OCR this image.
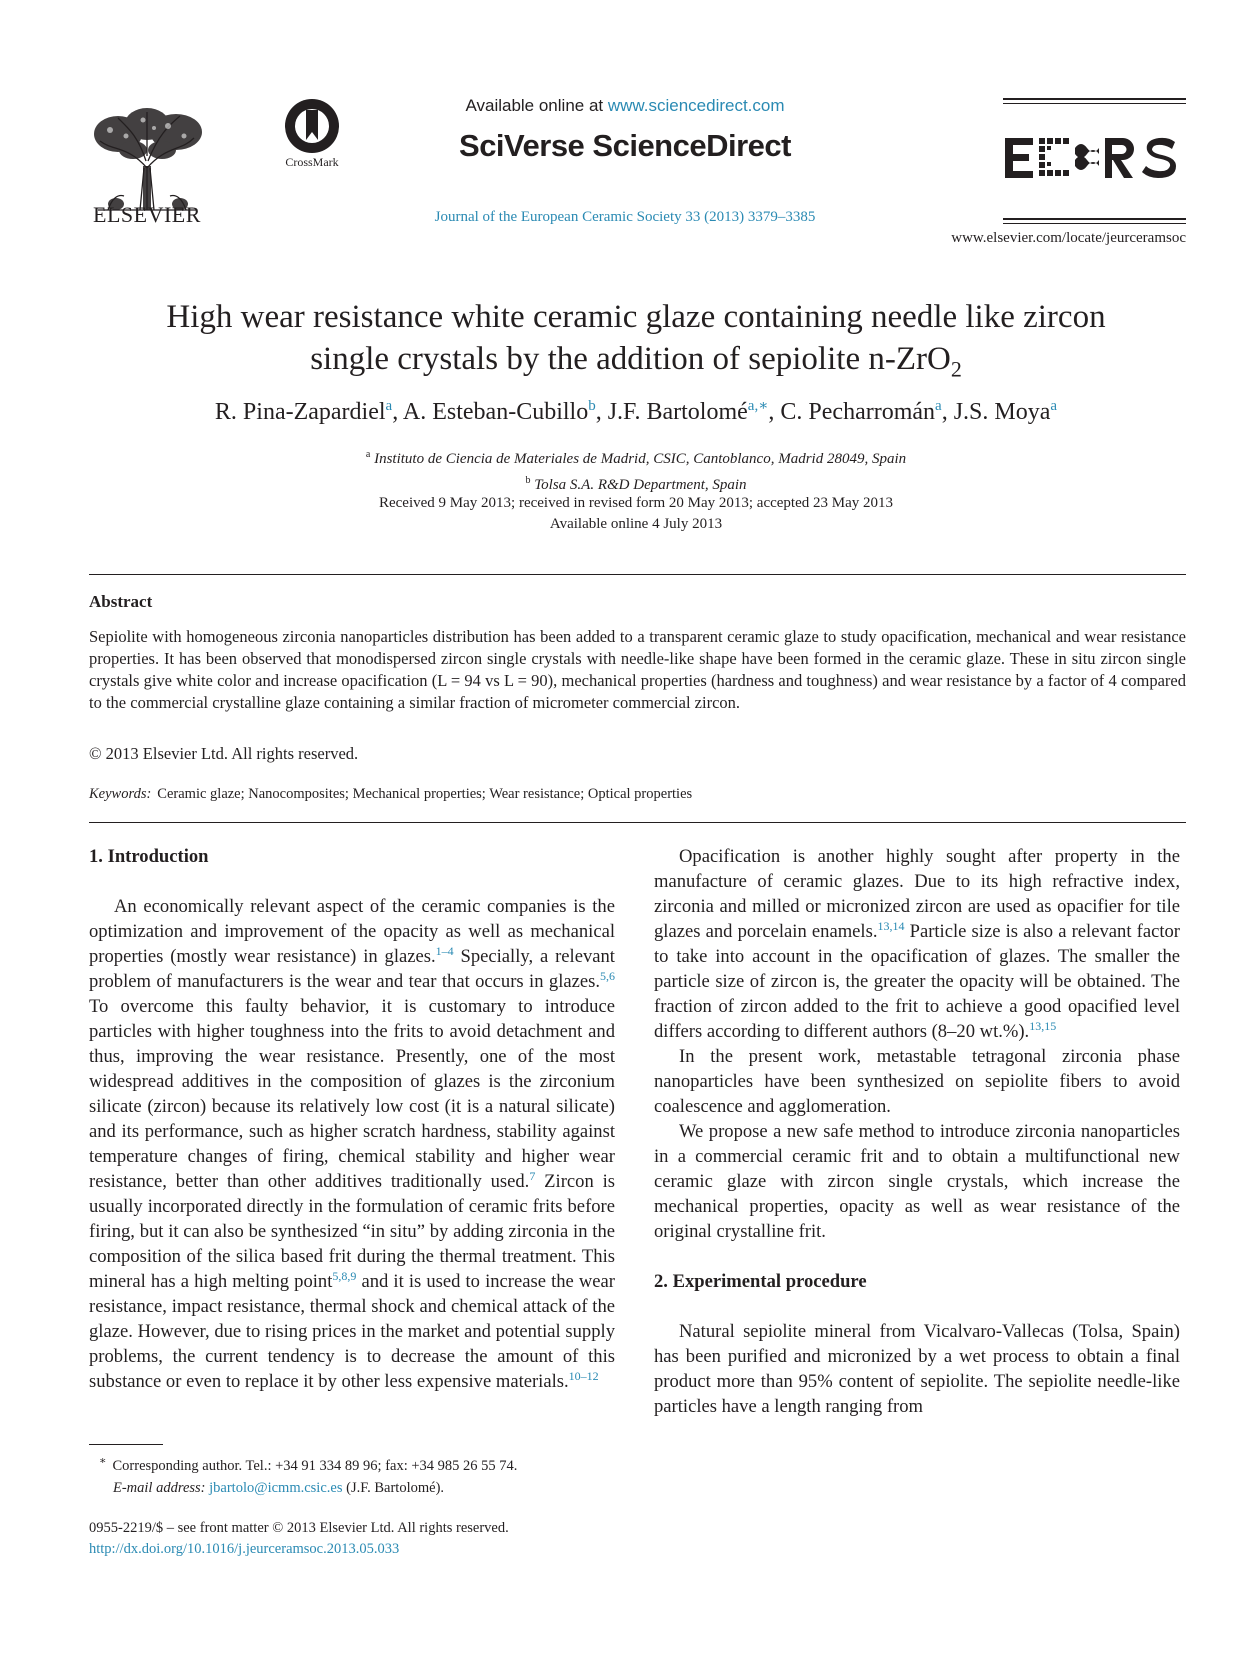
ELSEVIER
CrossMark
Available online at www.sciencedirect.com
SciVerse ScienceDirect
Journal of the European Ceramic Society 33 (2013) 3379–3385
www.elsevier.com/locate/jeurceramsoc
High wear resistance white ceramic glaze containing needle like zircon
single crystals by the addition of sepiolite n-ZrO$_2$
R. Pina-Zapardiel$^a$, A. Esteban-Cubillo$^b$, J.F. Bartolomé$^{a,∗}$, C. Pecharromán$^a$, J.S. Moya$^a$
$^a$ Instituto de Ciencia de Materiales de Madrid, CSIC, Cantoblanco, Madrid 28049, Spain
$^b$ Tolsa S.A. R&D Department, Spain
Received 9 May 2013; received in revised form 20 May 2013; accepted 23 May 2013
Available online 4 July 2013
Abstract
Sepiolite with homogeneous zirconia nanoparticles distribution has been added to a transparent ceramic glaze to study opacification, mechanical and wear resistance properties. It has been observed that monodispersed zircon single crystals with needle-like shape have been formed in the ceramic glaze. These in situ zircon single crystals give white color and increase opacification (L = 94 vs L = 90), mechanical properties (hardness and toughness) and wear resistance by a factor of 4 compared to the commercial crystalline glaze containing a similar fraction of micrometer commercial zircon.
© 2013 Elsevier Ltd. All rights reserved.
Keywords: Ceramic glaze; Nanocomposites; Mechanical properties; Wear resistance; Optical properties

1. Introduction

An economically relevant aspect of the ceramic companies is the optimization and improvement of the opacity as well as mechanical properties (mostly wear resistance) in glazes.$^{1-4}$ Specially, a relevant problem of manufacturers is the wear and tear that occurs in glazes.$^{5,6}$ To overcome this faulty behavior, it is customary to introduce particles with higher toughness into the frits to avoid detachment and thus, improving the wear resistance. Presently, one of the most widespread additives in the composition of glazes is the zirconium silicate (zircon) because its relatively low cost (it is a natural silicate) and its performance, such as higher scratch hardness, stability against temperature changes of firing, chemical stability and higher wear resistance, better than other additives traditionally used.$^7$ Zircon is usually incorporated directly in the formulation of ceramic frits before firing, but it can also be synthesized “in situ” by adding zirconia in the composition of the silica based frit during the thermal treatment. This mineral has a high melting point$^{5,8,9}$ and it is used to increase the wear resistance, impact resistance, thermal shock and chemical attack of the glaze. However, due to rising prices in the market and potential supply problems, the current tendency is to decrease the amount of this substance or even to replace it by other less expensive materials.$^{10-12}$

Opacification is another highly sought after property in the manufacture of ceramic glazes. Due to its high refractive index, zirconia and milled or micronized zircon are used as opacifier for tile glazes and porcelain enamels.$^{13,14}$ Particle size is also a relevant factor to take into account in the opacification of glazes. The smaller the particle size of zircon is, the greater the opacity will be obtained. The fraction of zircon added to the frit to achieve a good opacified level differs according to different authors (8–20 wt.%).$^{13,15}$

In the present work, metastable tetragonal zirconia phase nanoparticles have been synthesized on sepiolite fibers to avoid coalescence and agglomeration.

We propose a new safe method to introduce zirconia nanoparticles in a commercial ceramic frit and to obtain a multifunctional new ceramic glaze with zircon single crystals, which increase the mechanical properties, opacity as well as wear resistance of the original crystalline frit.

2. Experimental procedure

Natural sepiolite mineral from Vicalvaro-Vallecas (Tolsa, Spain) has been purified and micronized by a wet process to obtain a final product more than 95% content of sepiolite. The sepiolite needle-like particles have a length ranging from

∗ Corresponding author. Tel.: +34 91 334 89 96; fax: +34 985 26 55 74.
E-mail address: jbartolo@icmm.csic.es (J.F. Bartolomé).
0955-2219/$ – see front matter © 2013 Elsevier Ltd. All rights reserved.
http://dx.doi.org/10.1016/j.jeurceramsoc.2013.05.033
